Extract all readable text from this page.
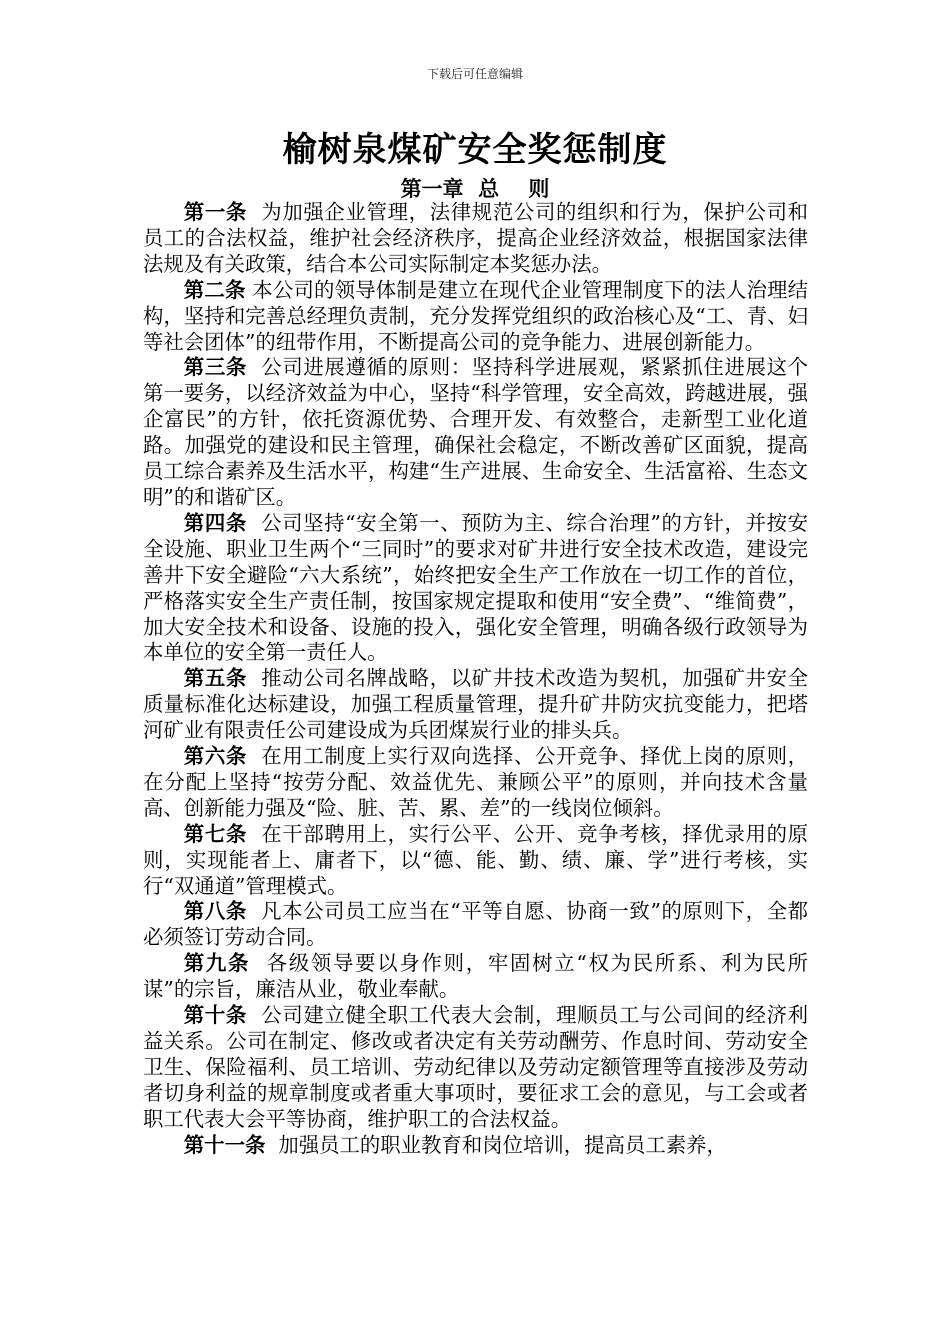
下载后可任意编辑
榆树泉煤矿安全奖惩制度
第一章  总    则

第一条 为加强企业管理，法律规范公司的组织和行为，保护公司和员工的合法权益，维护社会经济秩序，提高企业经济效益，根据国家法律法规及有关政策，结合本公司实际制定本奖惩办法。

第二条 本公司的领导体制是建立在现代企业管理制度下的法人治理结构，坚持和完善总经理负责制，充分发挥党组织的政治核心及“工、青、妇等社会团体”的纽带作用，不断提高公司的竞争能力、进展创新能力。

第三条 公司进展遵循的原则：坚持科学进展观，紧紧抓住进展这个第一要务，以经济效益为中心，坚持“科学管理，安全高效，跨越进展，强企富民”的方针，依托资源优势、合理开发、有效整合，走新型工业化道路。加强党的建设和民主管理，确保社会稳定，不断改善矿区面貌，提高员工综合素养及生活水平，构建“生产进展、生命安全、生活富裕、生态文明”的和谐矿区。

第四条 公司坚持“安全第一、预防为主、综合治理”的方针，并按安全设施、职业卫生两个“三同时”的要求对矿井进行安全技术改造，建设完善井下安全避险“六大系统”，始终把安全生产工作放在一切工作的首位，严格落实安全生产责任制，按国家规定提取和使用“安全费”、“维简费”，加大安全技术和设备、设施的投入，强化安全管理，明确各级行政领导为本单位的安全第一责任人。

第五条 推动公司名牌战略，以矿井技术改造为契机，加强矿井安全质量标准化达标建设，加强工程质量管理，提升矿井防灾抗变能力，把塔河矿业有限责任公司建设成为兵团煤炭行业的排头兵。

第六条 在用工制度上实行双向选择、公开竞争、择优上岗的原则，在分配上坚持“按劳分配、效益优先、兼顾公平”的原则，并向技术含量高、创新能力强及“险、脏、苦、累、差”的一线岗位倾斜。

第七条 在干部聘用上，实行公平、公开、竞争考核，择优录用的原则，实现能者上、庸者下，以“德、能、勤、绩、廉、学”进行考核，实行“双通道”管理模式。

第八条 凡本公司员工应当在“平等自愿、协商一致”的原则下，全都必须签订劳动合同。

第九条 各级领导要以身作则，牢固树立“权为民所系、利为民所谋”的宗旨，廉洁从业，敬业奉献。

第十条 公司建立健全职工代表大会制，理顺员工与公司间的经济利益关系。公司在制定、修改或者决定有关劳动酬劳、作息时间、劳动安全卫生、保险福利、员工培训、劳动纪律以及劳动定额管理等直接涉及劳动者切身利益的规章制度或者重大事项时，要征求工会的意见，与工会或者职工代表大会平等协商，维护职工的合法权益。

第十一条 加强员工的职业教育和岗位培训，提高员工素养，
